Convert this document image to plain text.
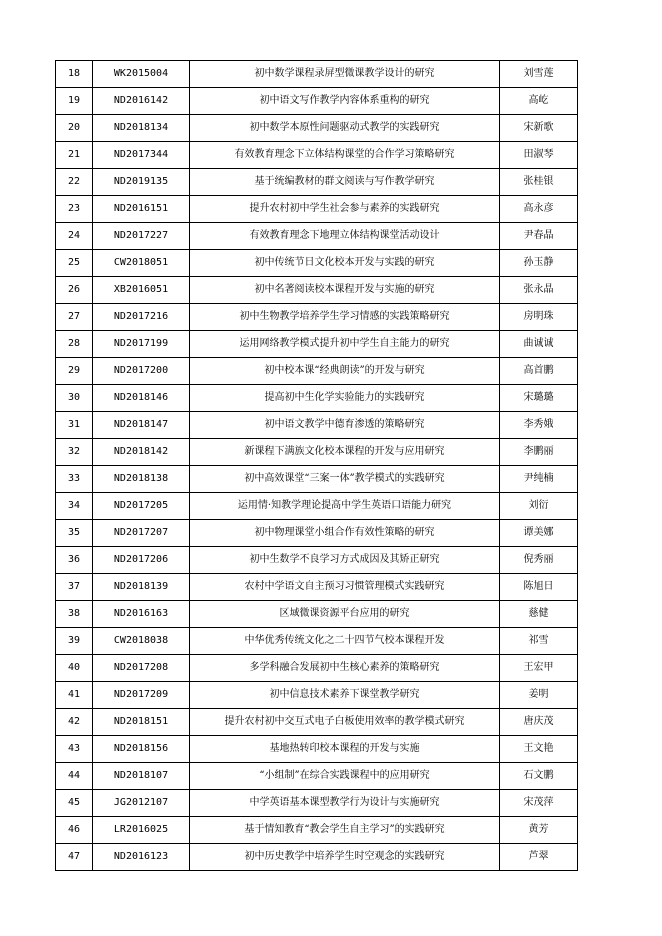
18	WK2015004	初中数学课程录屏型微课教学设计的研究	刘雪莲
19	ND2016142	初中语文写作教学内容体系重构的研究	高屹
20	ND2018134	初中数学本原性问题驱动式教学的实践研究	宋新歌
21	ND2017344	有效教育理念下立体结构课堂的合作学习策略研究	田淑琴
22	ND2019135	基于统编教材的群文阅读与写作教学研究	张桂银
23	ND2016151	提升农村初中学生社会参与素养的实践研究	高永彦
24	ND2017227	有效教育理念下地理立体结构课堂活动设计	尹春晶
25	CW2018051	初中传统节日文化校本开发与实践的研究	孙玉静
26	XB2016051	初中名著阅读校本课程开发与实施的研究	张永晶
27	ND2017216	初中生物教学培养学生学习情感的实践策略研究	房明珠
28	ND2017199	运用网络教学模式提升初中学生自主能力的研究	曲诚诚
29	ND2017200	初中校本课“经典朗读”的开发与研究	高首鹏
30	ND2018146	提高初中生化学实验能力的实践研究	宋璐璐
31	ND2018147	初中语文教学中德育渗透的策略研究	李秀娥
32	ND2018142	新课程下满族文化校本课程的开发与应用研究	李鹏丽
33	ND2018138	初中高效课堂“三案一体”教学模式的实践研究	尹纯楠
34	ND2017205	运用情·知教学理论提高中学生英语口语能力研究	刘衍
35	ND2017207	初中物理课堂小组合作有效性策略的研究	谭美娜
36	ND2017206	初中生数学不良学习方式成因及其矫正研究	倪秀丽
37	ND2018139	农村中学语文自主预习习惯管理模式实践研究	陈旭日
38	ND2016163	区域微课资源平台应用的研究	慈健
39	CW2018038	中华优秀传统文化之二十四节气校本课程开发	祁雪
40	ND2017208	多学科融合发展初中生核心素养的策略研究	王宏甲
41	ND2017209	初中信息技术素养下课堂教学研究	姜明
42	ND2018151	提升农村初中交互式电子白板使用效率的教学模式研究	唐庆茂
43	ND2018156	基地热转印校本课程的开发与实施	王文艳
44	ND2018107	“小组制”在综合实践课程中的应用研究	石文鹏
45	JG2012107	中学英语基本课型教学行为设计与实施研究	宋茂萍
46	LR2016025	基于情知教育“教会学生自主学习”的实践研究	黄芳
47	ND2016123	初中历史教学中培养学生时空观念的实践研究	芦翠
